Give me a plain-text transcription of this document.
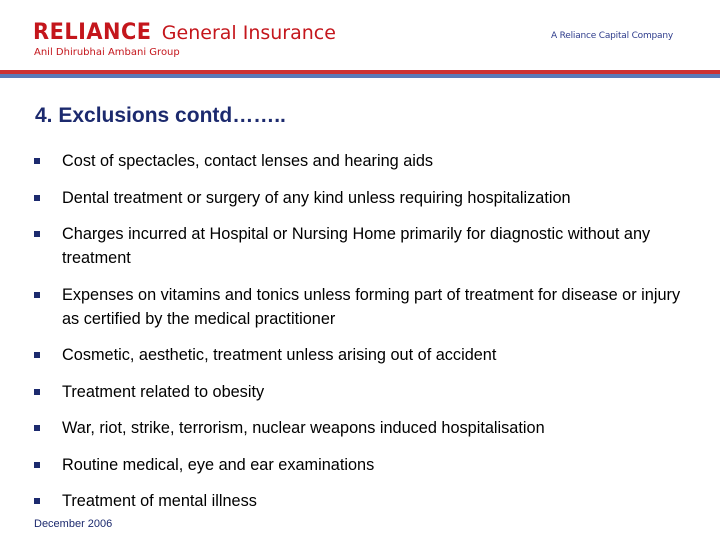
RELIANCE General Insurance
Anil Dhirubhai Ambani Group
A Reliance Capital Company
4. Exclusions contd……..
Cost of spectacles, contact lenses and hearing aids
Dental treatment or surgery of any kind unless requiring hospitalization
Charges incurred at Hospital or Nursing Home primarily for diagnostic without any treatment
Expenses on vitamins and tonics unless forming part of treatment for disease or injury as certified by the medical practitioner
Cosmetic, aesthetic, treatment unless arising out of accident
Treatment related to obesity
War, riot, strike, terrorism, nuclear weapons induced hospitalisation
Routine medical, eye and ear examinations
Treatment of mental illness
December 2006
